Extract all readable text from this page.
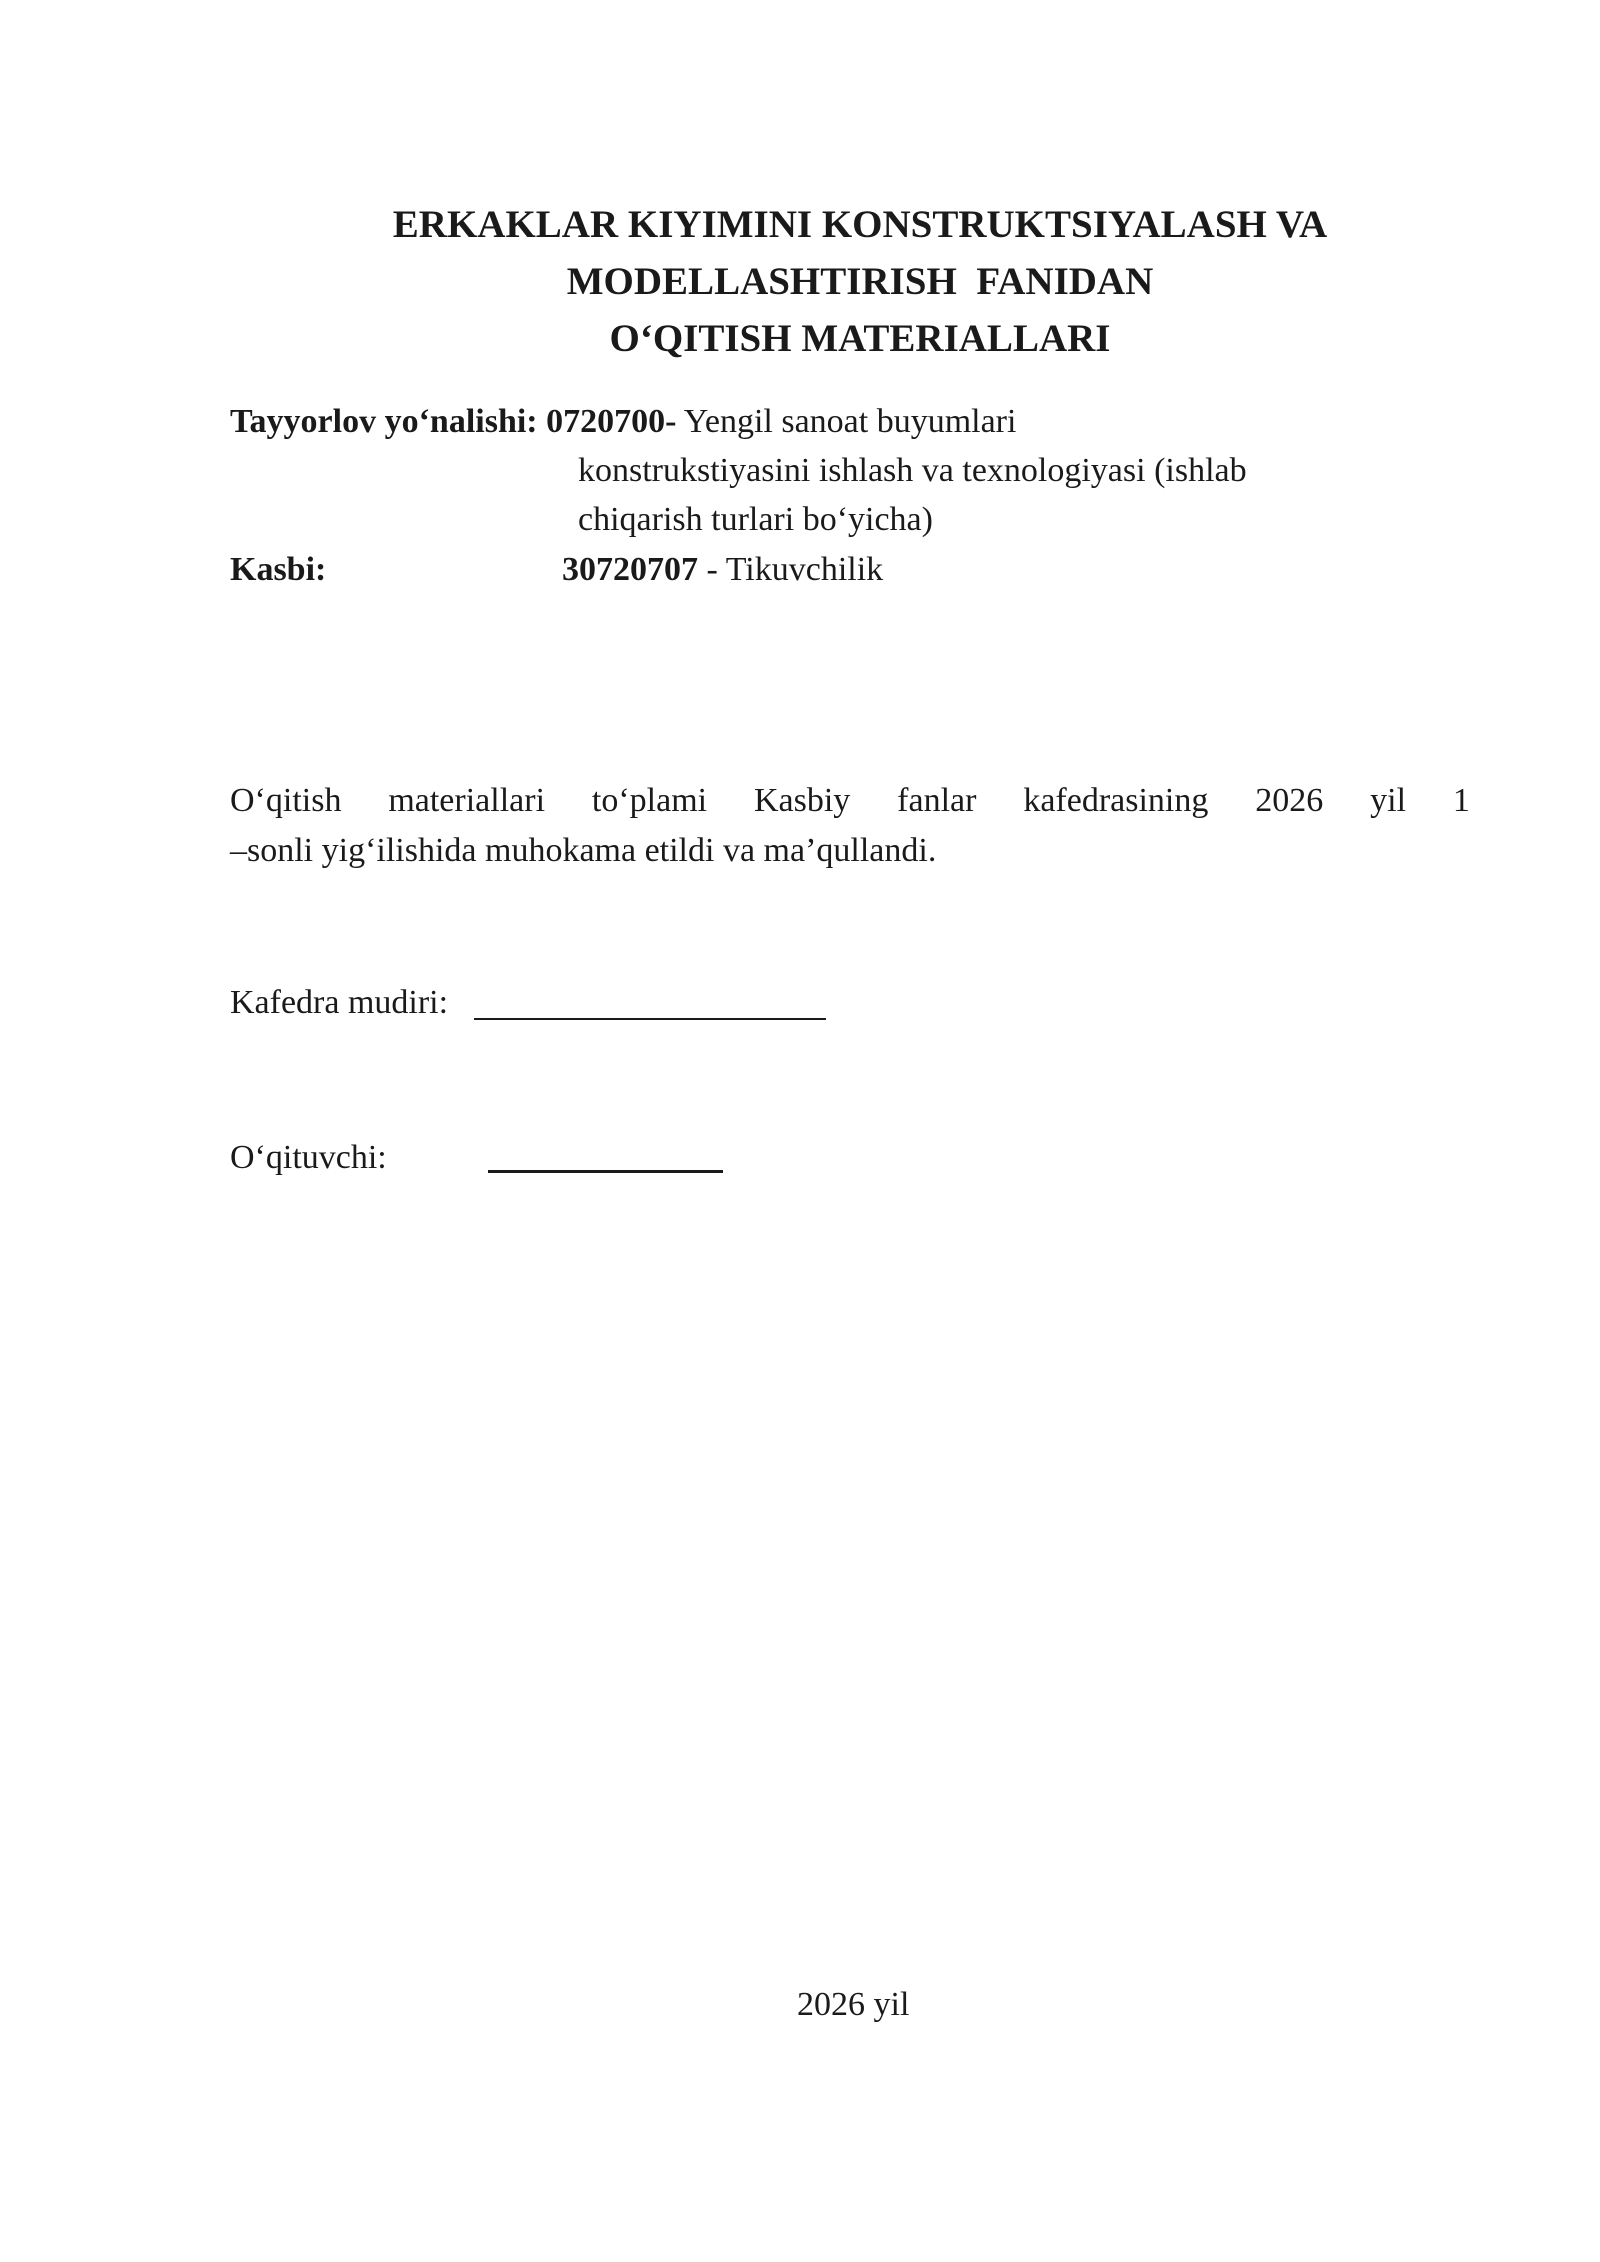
ERKAKLAR KIYIMINI KONSTRUKTSIYALASH VA
MODELLASHTIRISH  FANIDAN
O‘QITISH MATERIALLARI
Tayyorlov yo‘nalishi: 0720700- Yengil sanoat buyumlari
konstrukstiyasini ishlash va texnologiyasi (ishlab
chiqarish turlari bo‘yicha)
Kasbi:	30720707 - Tikuvchilik
O‘qitish materiallari to‘plami Kasbiy fanlar kafedrasining 2026 yil 1
–sonli yig‘ilishida muhokama etildi va ma’qullandi.
Kafedra mudiri:
O‘qituvchi:
2026 yil
